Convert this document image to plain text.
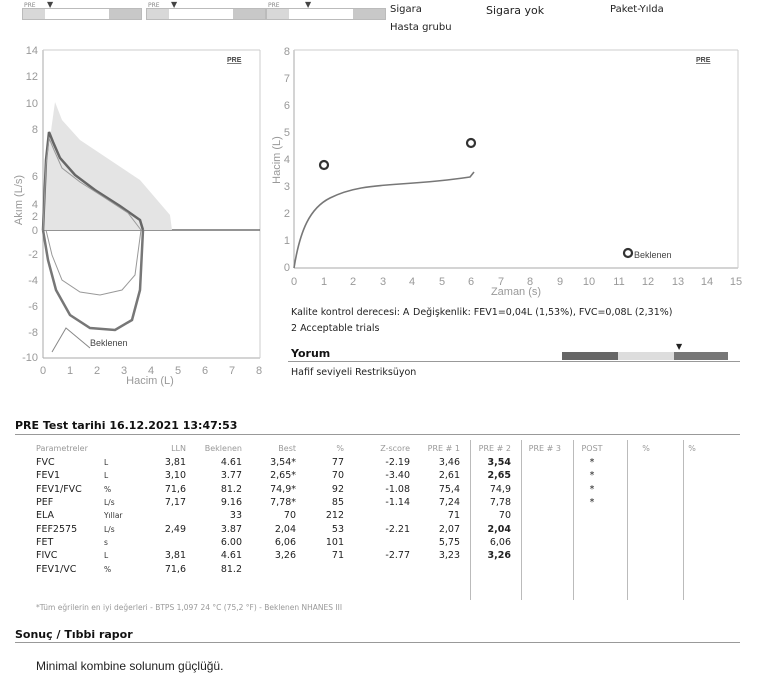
PRE ▼	PRE ▼	PRE	▼	Sigara	Sigara yok	Paket-Yılda
Hasta grubu
14
12
10
8
6
4
2
0
-2
-4
-6
-8
-10
0 1 2 3 4 5 6 7 8
Hacim (L)
Akım (L/s)
PRE
Beklenen
8
7
6
5
4
3
2
1
0
0 1 2 3 4 5 6 7 8 9 10 11 12 13 14 15
Zaman (s)
Hacim (L)
PRE
Beklenen
Kalite kontrol derecesi: A Değişkenlik: FEV1=0,04L (1,53%), FVC=0,08L (2,31%)
2 Acceptable trials
Yorum
▼
Hafif seviyeli Restriksüyon
PRE Test tarihi 16.12.2021 13:47:53
Parametreler		LLN	Beklenen	Best	%	Z-score	PRE # 1	PRE # 2	PRE # 3	POST	%	%
FVC	L	3,81	4.61	3,54*	77	-2.19	3,46	3,54		*		
FEV1	L	3,10	3.77	2,65*	70	-3.40	2,61	2,65		*		
FEV1/FVC	%	71,6	81.2	74,9*	92	-1.08	75,4	74,9		*		
PEF	L/s	7,17	9.16	7,78*	85	-1.14	7,24	7,78		*		
ELA	Yıllar		33	70	212		71	70				
FEF2575	L/s	2,49	3.87	2,04	53	-2.21	2,07	2,04				
FET	s		6.00	6,06	101		5,75	6,06				
FIVC	L	3,81	4.61	3,26	71	-2.77	3,23	3,26				
FEV1/VC	%	71,6	81.2									
*Tüm eğrilerin en iyi değerleri - BTPS 1,097 24 °C (75,2 °F) - Beklenen NHANES III
Sonuç / Tıbbi rapor
Minimal kombine solunum güçlüğü.
